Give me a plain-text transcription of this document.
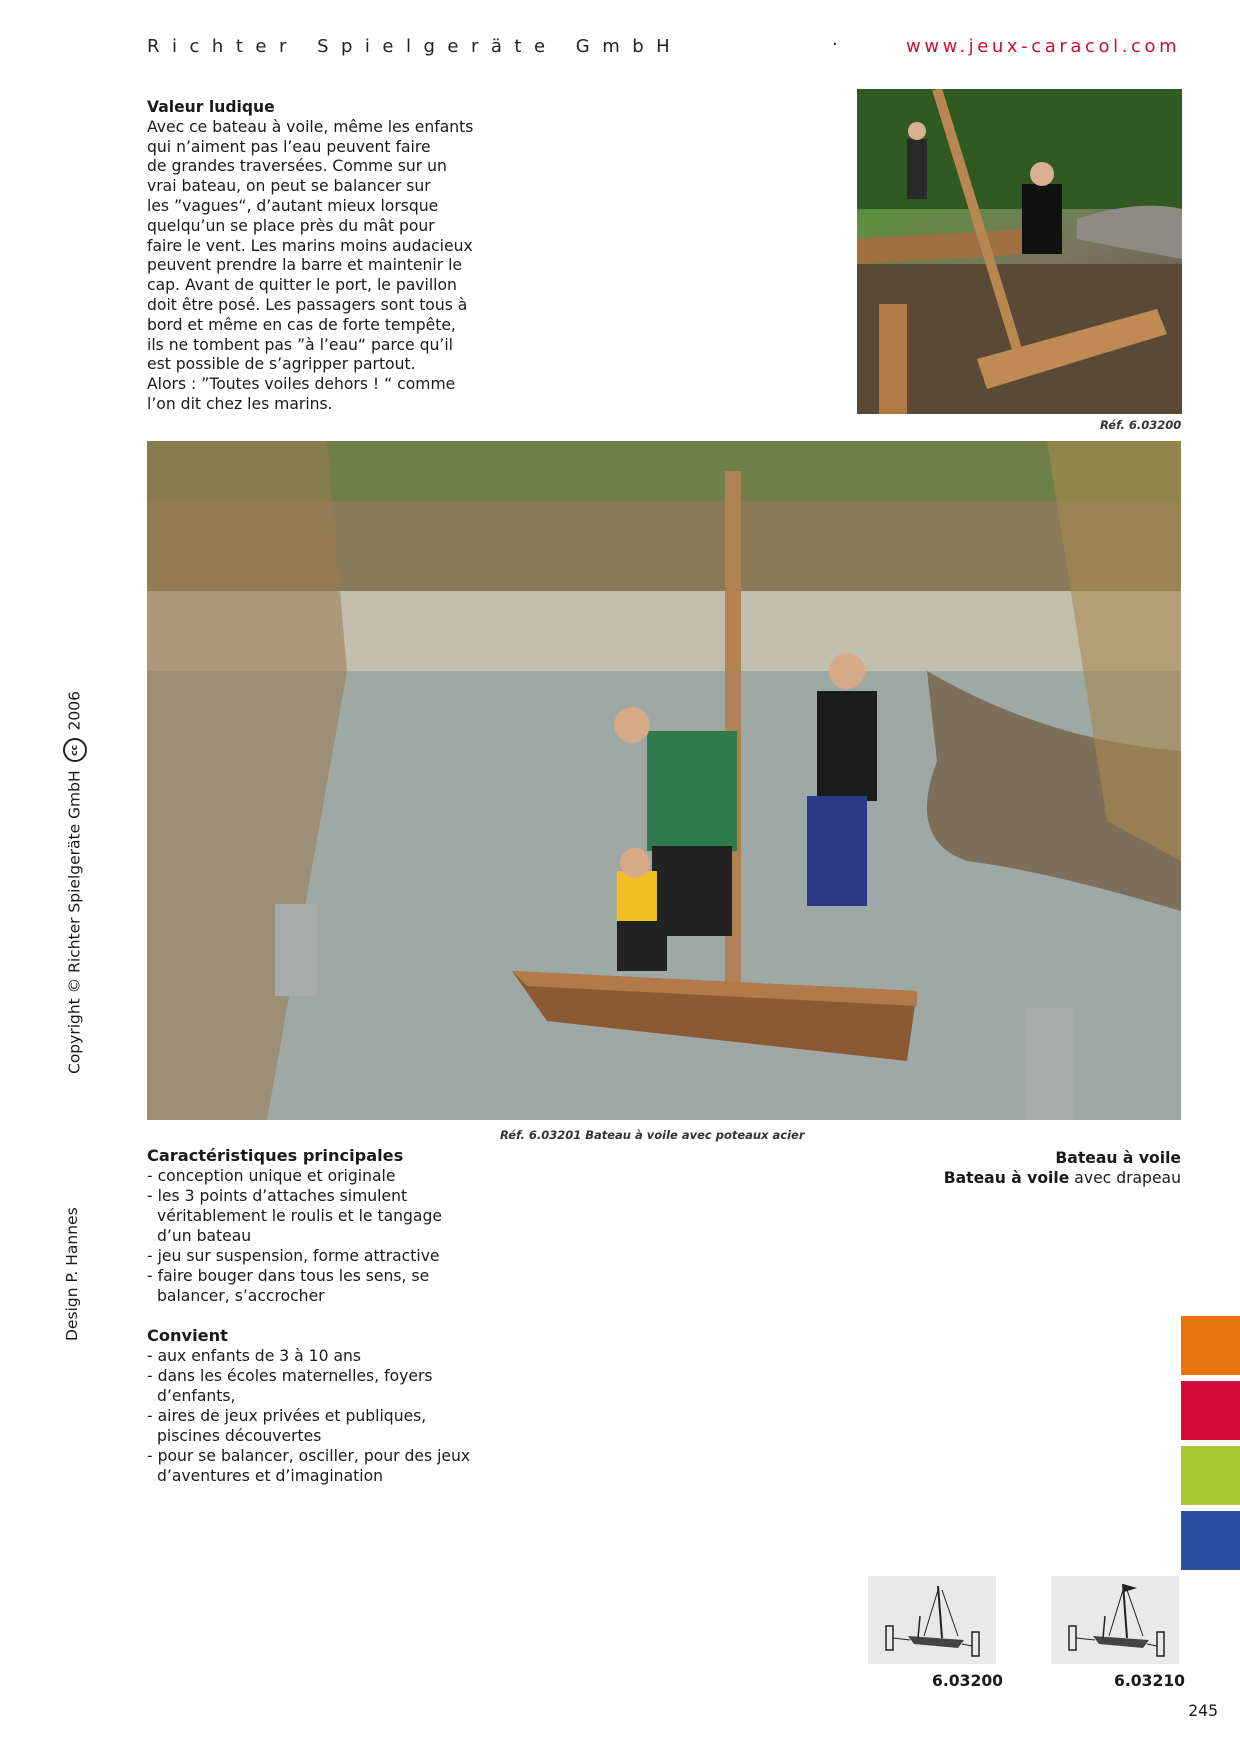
Richter Spielgeräte GmbH	·	www.jeux-caracol.com
Valeur ludique
Avec ce bateau à voile, même les enfants
qui n’aiment pas l’eau peuvent faire
de grandes traversées. Comme sur un
vrai bateau, on peut se balancer sur
les ”vagues“, d’autant mieux lorsque
quelqu’un se place près du mât pour
faire le vent. Les marins moins audacieux
peuvent prendre la barre et maintenir le
cap. Avant de quitter le port, le pavillon
doit être posé. Les passagers sont tous à
bord et même en cas de forte tempête,
ils ne tombent pas ”à l’eau“ parce qu’il
est possible de s’agripper partout.
Alors : ”Toutes voiles dehors ! “ comme
l’on dit chez les marins.
Réf. 6.03200
Réf. 6.03201 Bateau à voile avec poteaux acier
Caractéristiques principales
- conception unique et originale
- les 3 points d’attaches simulent
véritablement le roulis et le tangage
d’un bateau
- jeu sur suspension, forme attractive
- faire bouger dans tous les sens, se
balancer, s’accrocher
Convient
- aux enfants de 3 à 10 ans
- dans les écoles maternelles, foyers
d’enfants,
- aires de jeux privées et publiques,
piscines découvertes
- pour se balancer, osciller, pour des jeux
d’aventures et d’imagination
Bateau à voile
Bateau à voile avec drapeau
Copyright © Richter Spielgeräte GmbH cc 2006
Design P. Hannes
6.03200	6.03210
245
